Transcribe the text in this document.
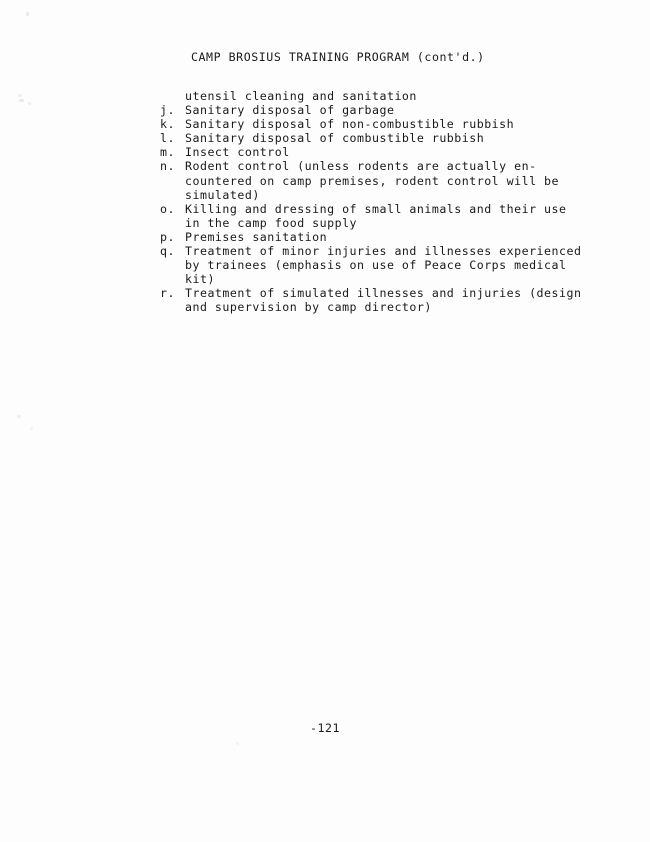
CAMP BROSIUS TRAINING PROGRAM (cont'd.)
utensil cleaning and sanitation
j. Sanitary disposal of garbage
k. Sanitary disposal of non-combustible rubbish
l. Sanitary disposal of combustible rubbish
m. Insect control
n. Rodent control (unless rodents are actually en-
countered on camp premises, rodent control will be
simulated)
o. Killing and dressing of small animals and their use
in the camp food supply
p. Premises sanitation
q. Treatment of minor injuries and illnesses experienced
by trainees (emphasis on use of Peace Corps medical
kit)
r. Treatment of simulated illnesses and injuries (design
and supervision by camp director)
-121
